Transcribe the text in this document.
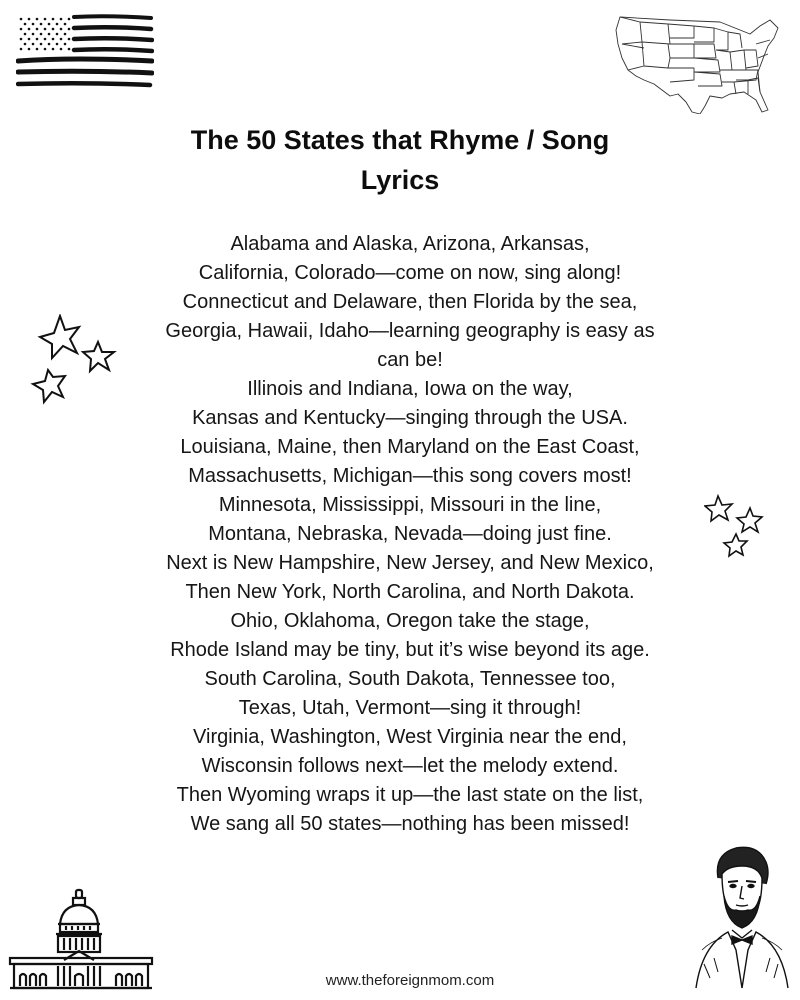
The 50 States that Rhyme / Song Lyrics
Alabama and Alaska, Arizona, Arkansas,
California, Colorado—come on now, sing along!
Connecticut and Delaware, then Florida by the sea,
Georgia, Hawaii, Idaho—learning geography is easy as can be!
Illinois and Indiana, Iowa on the way,
Kansas and Kentucky—singing through the USA.
Louisiana, Maine, then Maryland on the East Coast,
Massachusetts, Michigan—this song covers most!
Minnesota, Mississippi, Missouri in the line,
Montana, Nebraska, Nevada—doing just fine.
Next is New Hampshire, New Jersey, and New Mexico,
Then New York, North Carolina, and North Dakota.
Ohio, Oklahoma, Oregon take the stage,
Rhode Island may be tiny, but it’s wise beyond its age.
South Carolina, South Dakota, Tennessee too,
Texas, Utah, Vermont—sing it through!
Virginia, Washington, West Virginia near the end,
Wisconsin follows next—let the melody extend.
Then Wyoming wraps it up—the last state on the list,
We sang all 50 states—nothing has been missed!
www.theforeignmom.com
